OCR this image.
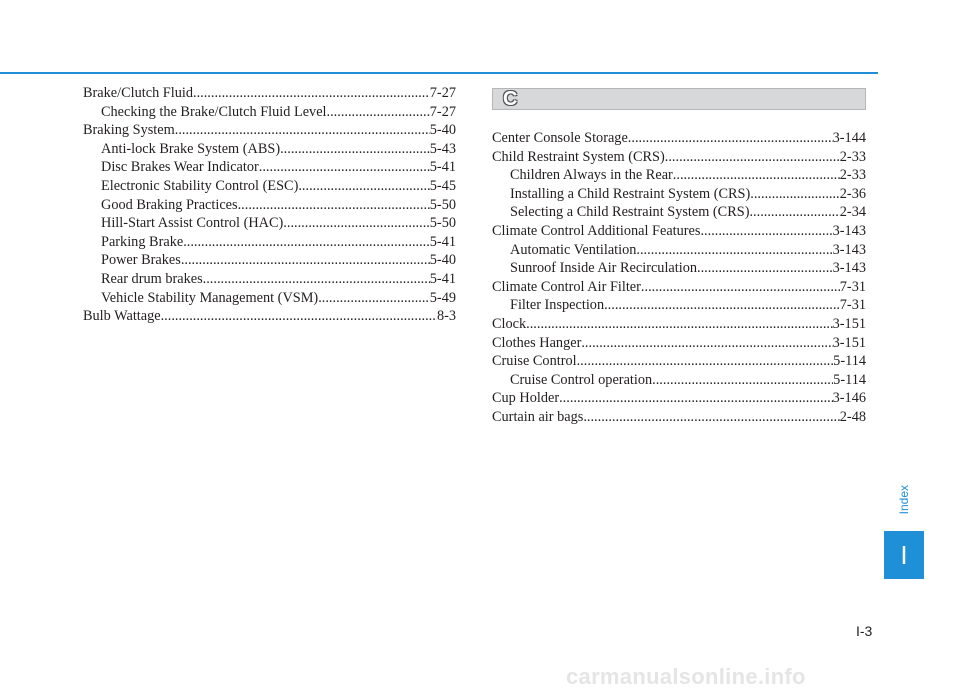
Brake/Clutch Fluid .....	7-27
Checking the Brake/Clutch Fluid Level .....	7-27
Braking System .....	5-40
Anti-lock Brake System (ABS) .....	5-43
Disc Brakes Wear Indicator .....	5-41
Electronic Stability Control (ESC) .....	5-45
Good Braking Practices .....	5-50
Hill-Start Assist Control (HAC) .....	5-50
Parking Brake .....	5-41
Power Brakes .....	5-40
Rear drum brakes .....	5-41
Vehicle Stability Management (VSM) .....	5-49
Bulb Wattage .....	8-3
C
Center Console Storage .....	3-144
Child Restraint System (CRS) .....	2-33
Children Always in the Rear .....	2-33
Installing a Child Restraint System (CRS) .....	2-36
Selecting a Child Restraint System (CRS) .....	2-34
Climate Control Additional Features .....	3-143
Automatic Ventilation .....	3-143
Sunroof Inside Air Recirculation .....	3-143
Climate Control Air Filter .....	7-31
Filter Inspection .....	7-31
Clock .....	3-151
Clothes Hanger .....	3-151
Cruise Control .....	5-114
Cruise Control operation .....	5-114
Cup Holder .....	3-146
Curtain air bags .....	2-48
Index
I
I-3
carmanualsonline.info
